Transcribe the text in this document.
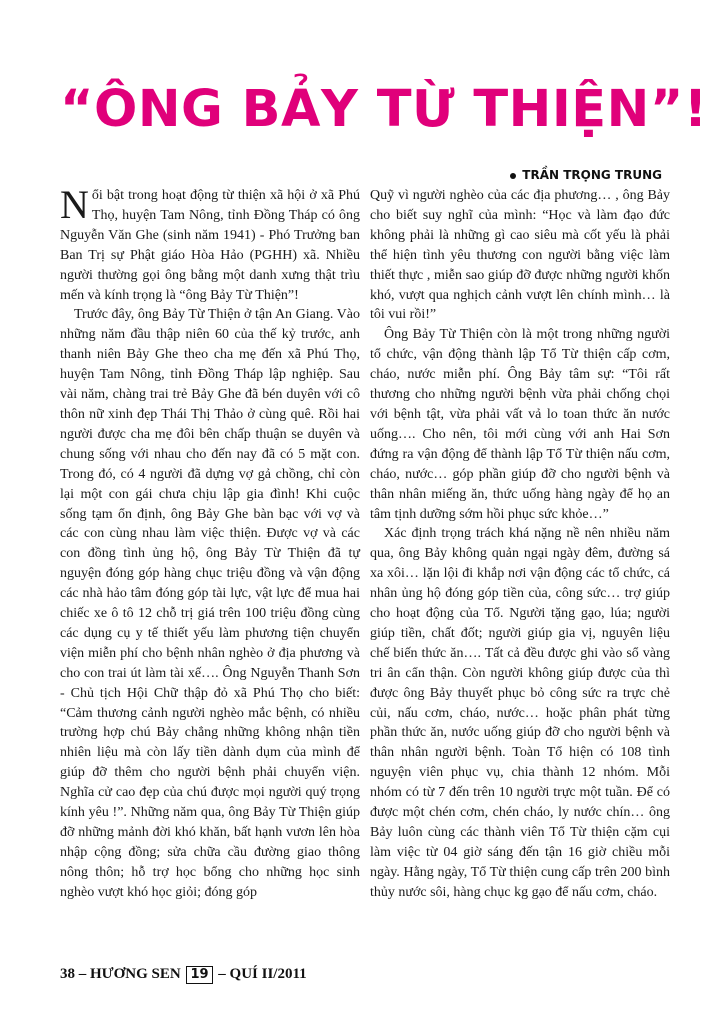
“ÔNG BẢY TỪ THIỆN”!
TRẦN TRỌNG TRUNG

Nổi bật trong hoạt động từ thiện xã hội ở xã Phú Thọ, huyện Tam Nông, tỉnh Đồng Tháp có ông Nguyễn Văn Ghe (sinh năm 1941) - Phó Trưởng ban Ban Trị sự Phật giáo Hòa Hảo (PGHH) xã. Nhiều người thường gọi ông bằng một danh xưng thật trìu mến và kính trọng là “ông Bảy Từ Thiện”!

Trước đây, ông Bảy Từ Thiện ở tận An Giang. Vào những năm đầu thập niên 60 của thế kỷ trước, anh thanh niên Bảy Ghe theo cha mẹ đến xã Phú Thọ, huyện Tam Nông, tỉnh Đồng Tháp lập nghiệp. Sau vài năm, chàng trai trẻ Bảy Ghe đã bén duyên với cô thôn nữ xinh đẹp Thái Thị Thảo ở cùng quê. Rồi hai người được cha mẹ đôi bên chấp thuận se duyên và chung sống với nhau cho đến nay đã có 5 mặt con. Trong đó, có 4 người đã dựng vợ gả chồng, chỉ còn lại một con gái chưa chịu lập gia đình! Khi cuộc sống tạm ổn định, ông Bảy Ghe bàn bạc với vợ và các con cùng nhau làm việc thiện. Được vợ và các con đồng tình ủng hộ, ông Bảy Từ Thiện đã tự nguyện đóng góp hàng chục triệu đồng và vận động các nhà hảo tâm đóng góp tài lực, vật lực để mua hai chiếc xe ô tô 12 chỗ trị giá trên 100 triệu đồng cùng các dụng cụ y tế thiết yếu làm phương tiện chuyển viện miễn phí cho bệnh nhân nghèo ở địa phương và cho con trai út làm tài xế…. Ông Nguyễn Thanh Sơn - Chủ tịch Hội Chữ thập đỏ xã Phú Thọ cho biết: “Cảm thương cảnh người nghèo mắc bệnh, có nhiều trường hợp chú Bảy chẳng những không nhận tiền nhiên liệu mà còn lấy tiền dành dụm của mình để giúp đỡ thêm cho người bệnh phải chuyển viện. Nghĩa cử cao đẹp của chú được mọi người quý trọng kính yêu !”. Những năm qua, ông Bảy Từ Thiện giúp đỡ những mảnh đời khó khăn, bất hạnh vươn lên hòa nhập cộng đồng; sửa chữa cầu đường giao thông nông thôn; hỗ trợ học bổng cho những học sinh nghèo vượt khó học giỏi; đóng góp

Quỹ vì người nghèo của các địa phương… , ông Bảy cho biết suy nghĩ của mình: “Học và làm đạo đức không phải là những gì cao siêu mà cốt yếu là phải thể hiện tình yêu thương con người bằng việc làm thiết thực , miễn sao giúp đỡ được những người khốn khó, vượt qua nghịch cảnh vượt lên chính mình… là tôi vui rồi!”

Ông Bảy Từ Thiện còn là một trong những người tổ chức, vận động thành lập Tổ Từ thiện cấp cơm, cháo, nước miễn phí. Ông Bảy tâm sự: “Tôi rất thương cho những người bệnh vừa phải chống chọi với bệnh tật, vừa phải vất vả lo toan thức ăn nước uống…. Cho nên, tôi mới cùng với anh Hai Sơn đứng ra vận động để thành lập Tổ Từ thiện nấu cơm, cháo, nước… góp phần giúp đỡ cho người bệnh và thân nhân miếng ăn, thức uống hàng ngày để họ an tâm tịnh dưỡng sớm hồi phục sức khỏe…”

Xác định trọng trách khá nặng nề nên nhiều năm qua, ông Bảy không quản ngại ngày đêm, đường sá xa xôi… lặn lội đi khắp nơi vận động các tổ chức, cá nhân ủng hộ đóng góp tiền của, công sức… trợ giúp cho hoạt động của Tổ. Người tặng gạo, lúa; người giúp tiền, chất đốt; người giúp gia vị, nguyên liệu chế biến thức ăn…. Tất cả đều được ghi vào sổ vàng tri ân cẩn thận. Còn người không giúp được của thì được ông Bảy thuyết phục bỏ công sức ra trực chẻ củi, nấu cơm, cháo, nước… hoặc phân phát từng phần thức ăn, nước uống giúp đỡ cho người bệnh và thân nhân người bệnh. Toàn Tổ hiện có 108 tình nguyện viên phục vụ, chia thành 12 nhóm. Mỗi nhóm có từ 7 đến trên 10 người trực một tuần. Để có được một chén cơm, chén cháo, ly nước chín… ông Bảy luôn cùng các thành viên Tổ Từ thiện cặm cụi làm việc từ 04 giờ sáng đến tận 16 giờ chiều mỗi ngày. Hằng ngày, Tổ Từ thiện cung cấp trên 200 bình thủy nước sôi, hàng chục kg gạo để nấu cơm, cháo.

38 – HƯƠNG SEN 19 – QUÍ II/2011
